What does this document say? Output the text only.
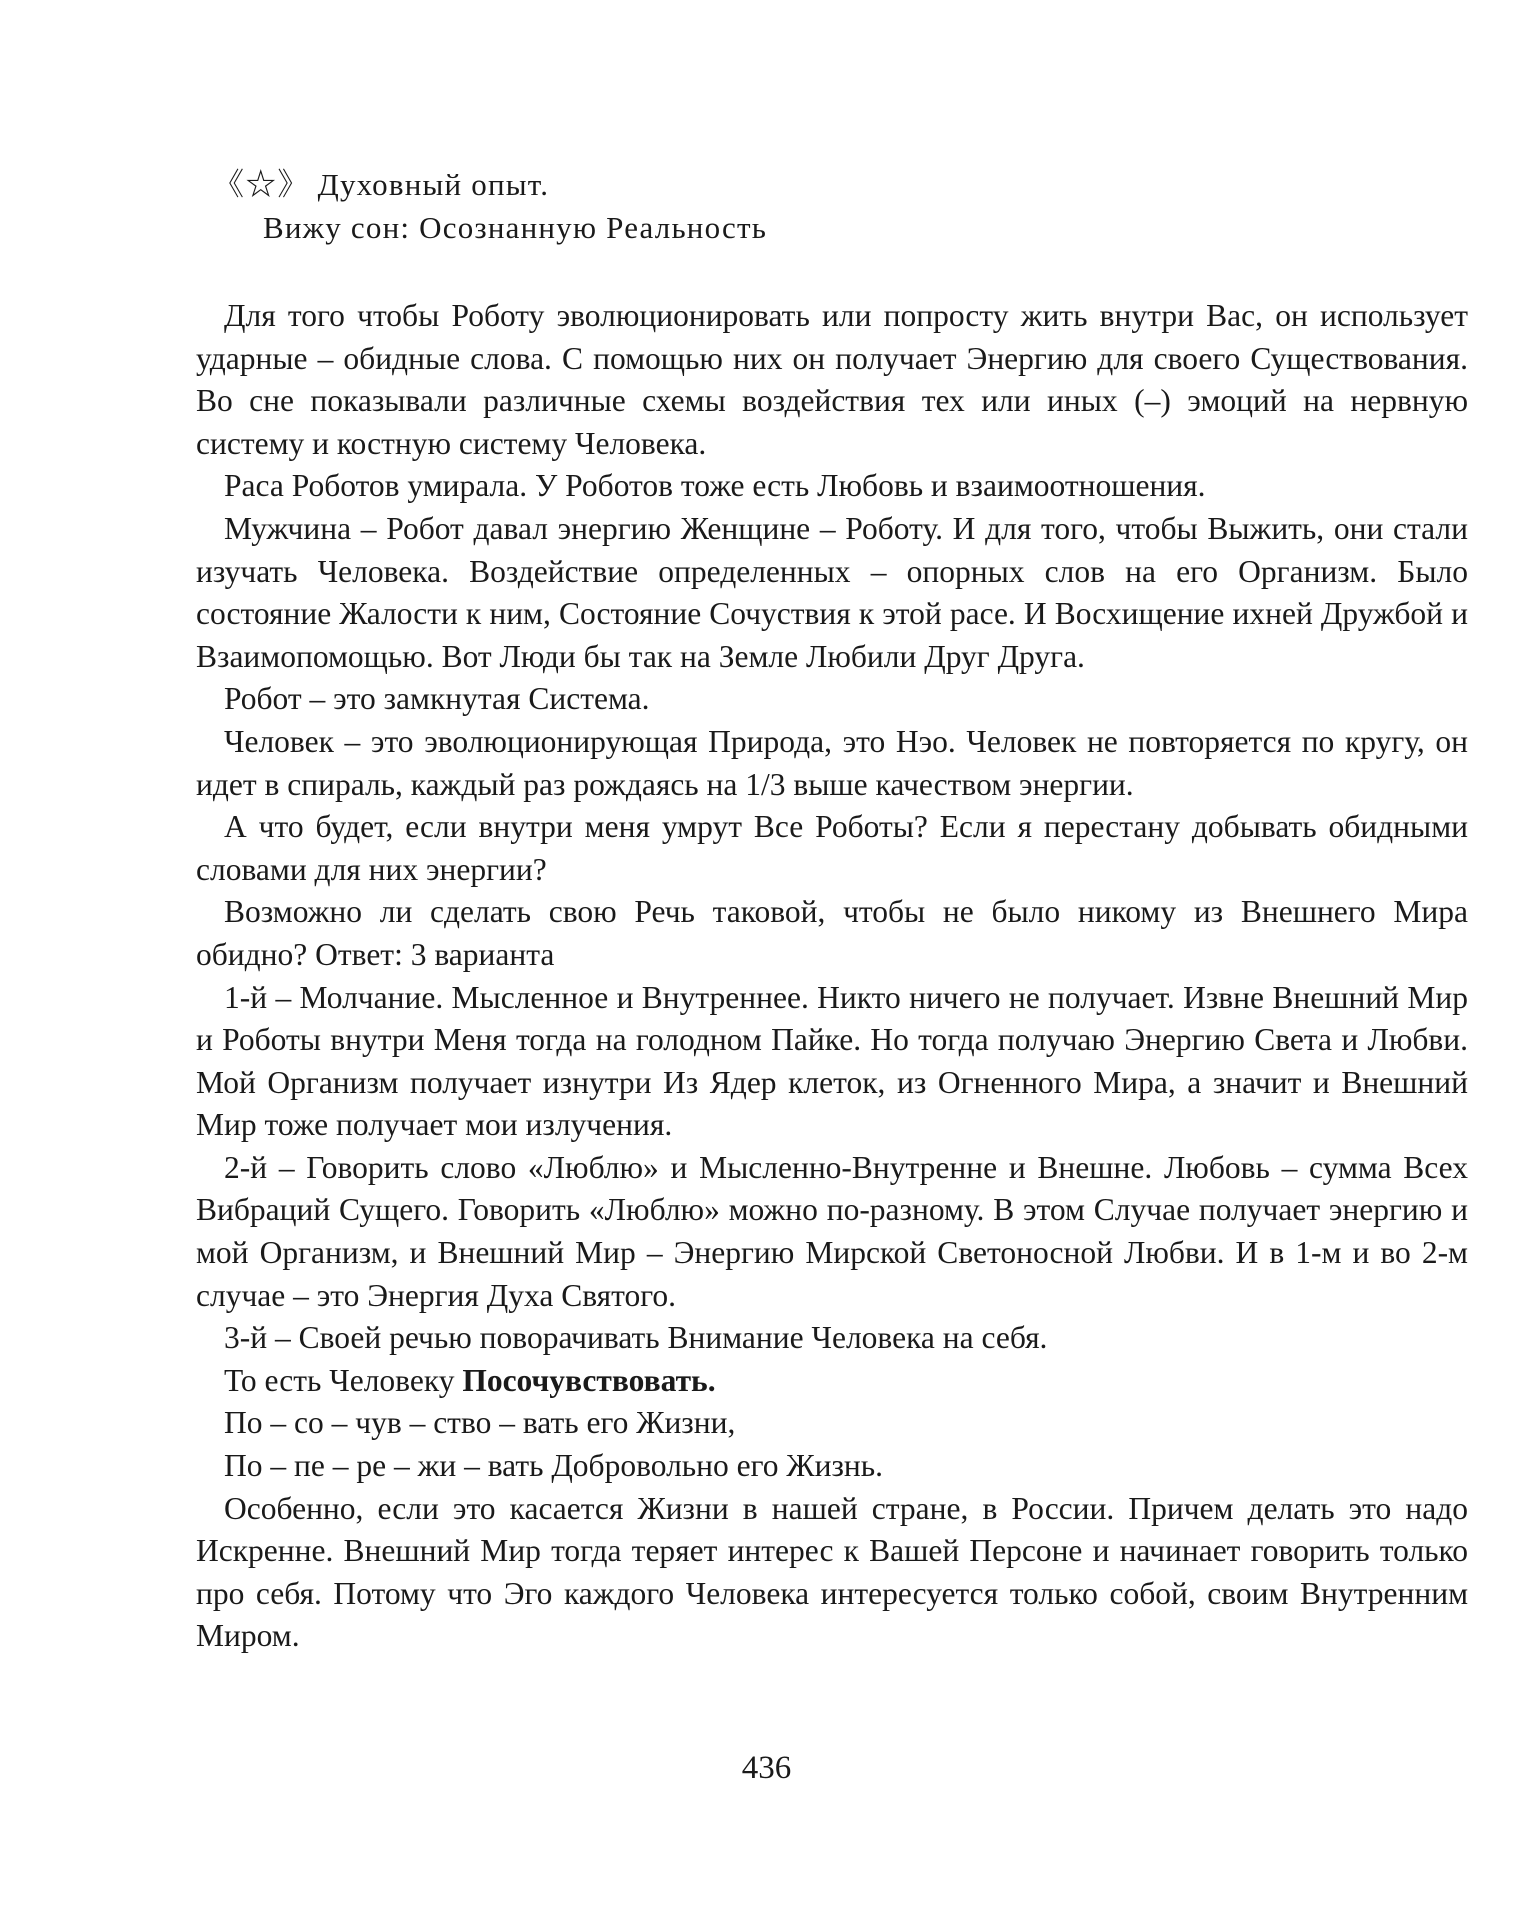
《☆》 Духовный опыт.
Вижу сон: Осознанную Реальность

Для того чтобы Роботу эволюционировать или попросту жить внутри Вас, он использует ударные – обидные слова. С помощью них он получает Энергию для своего Существования. Во сне показывали различные схемы воздействия тех или иных (–) эмоций на нервную систему и костную систему Человека.

Раса Роботов умирала. У Роботов тоже есть Любовь и взаимоотношения.

Мужчина – Робот давал энергию Женщине – Роботу. И для того, чтобы Выжить, они стали изучать Человека. Воздействие определенных – опорных слов на его Организм. Было состояние Жалости к ним, Состояние Сочуствия к этой расе. И Восхищение ихней Дружбой и Взаимопомощью. Вот Люди бы так на Земле Любили Друг Друга.

Робот – это замкнутая Система.

Человек – это эволюционирующая Природа, это Нэо. Человек не повторяется по кругу, он идет в спираль, каждый раз рождаясь на 1/3 выше качеством энергии.

А что будет, если внутри меня умрут Все Роботы? Если я перестану добывать обидными словами для них энергии?

Возможно ли сделать свою Речь таковой, чтобы не было никому из Внешнего Мира обидно? Ответ: 3 варианта

1-й – Молчание. Мысленное и Внутреннее. Никто ничего не получает. Извне Внешний Мир и Роботы внутри Меня тогда на голодном Пайке. Но тогда получаю Энергию Света и Любви. Мой Организм получает изнутри Из Ядер клеток, из Огненного Мира, а значит и Внешний Мир тоже получает мои излучения.

2-й – Говорить слово «Люблю» и Мысленно-Внутренне и Внешне. Любовь – сумма Всех Вибраций Сущего. Говорить «Люблю» можно по-разному. В этом Случае получает энергию и мой Организм, и Внешний Мир – Энергию Мирской Светоносной Любви. И в 1-м и во 2-м случае – это Энергия Духа Святого.

3-й – Своей речью поворачивать Внимание Человека на себя.

То есть Человеку Посочувствовать.

По – со – чув – ство – вать его Жизни,

По – пе – ре – жи – вать Добровольно его Жизнь.

Особенно, если это касается Жизни в нашей стране, в России. Причем делать это надо Искренне. Внешний Мир тогда теряет интерес к Вашей Персоне и начинает говорить только про себя. Потому что Эго каждого Человека интересуется только собой, своим Внутренним Миром.

436
